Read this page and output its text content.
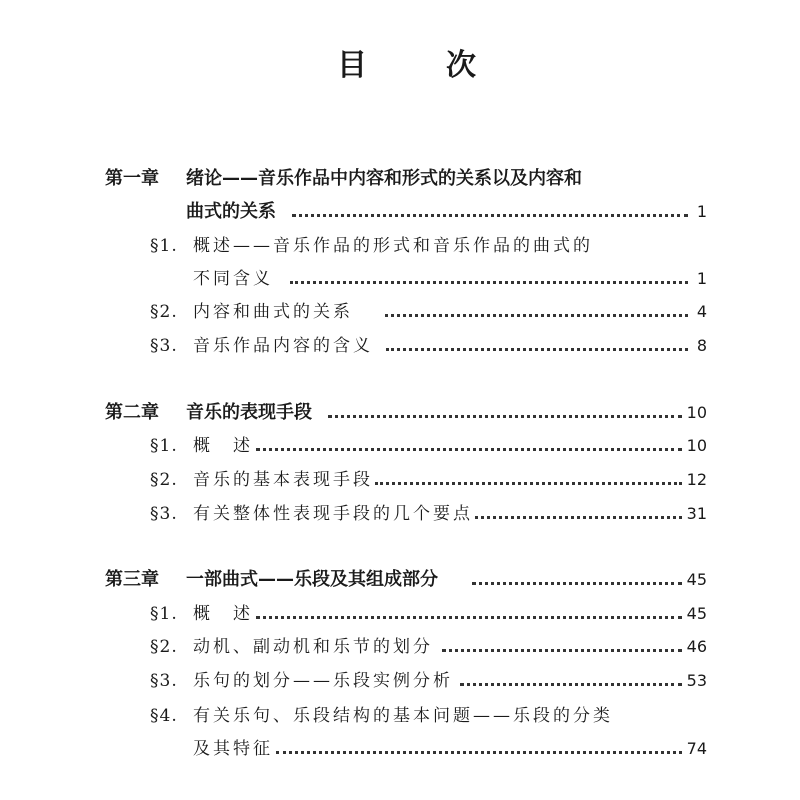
目	次
第一章 绪论——音乐作品中内容和形式的关系以及内容和
曲式的关系	1
§1. 概述——音乐作品的形式和音乐作品的曲式的
不同含义	1
§2. 内容和曲式的关系	4
§3. 音乐作品内容的含义	8
第二章 音乐的表现手段	10
§1. 概　述	10
§2. 音乐的基本表现手段	12
§3. 有关整体性表现手段的几个要点	31
第三章 一部曲式——乐段及其组成部分	45
§1. 概　述	45
§2. 动机、副动机和乐节的划分	46
§3. 乐句的划分——乐段实例分析	53
§4. 有关乐句、乐段结构的基本问题——乐段的分类
及其特征	74
